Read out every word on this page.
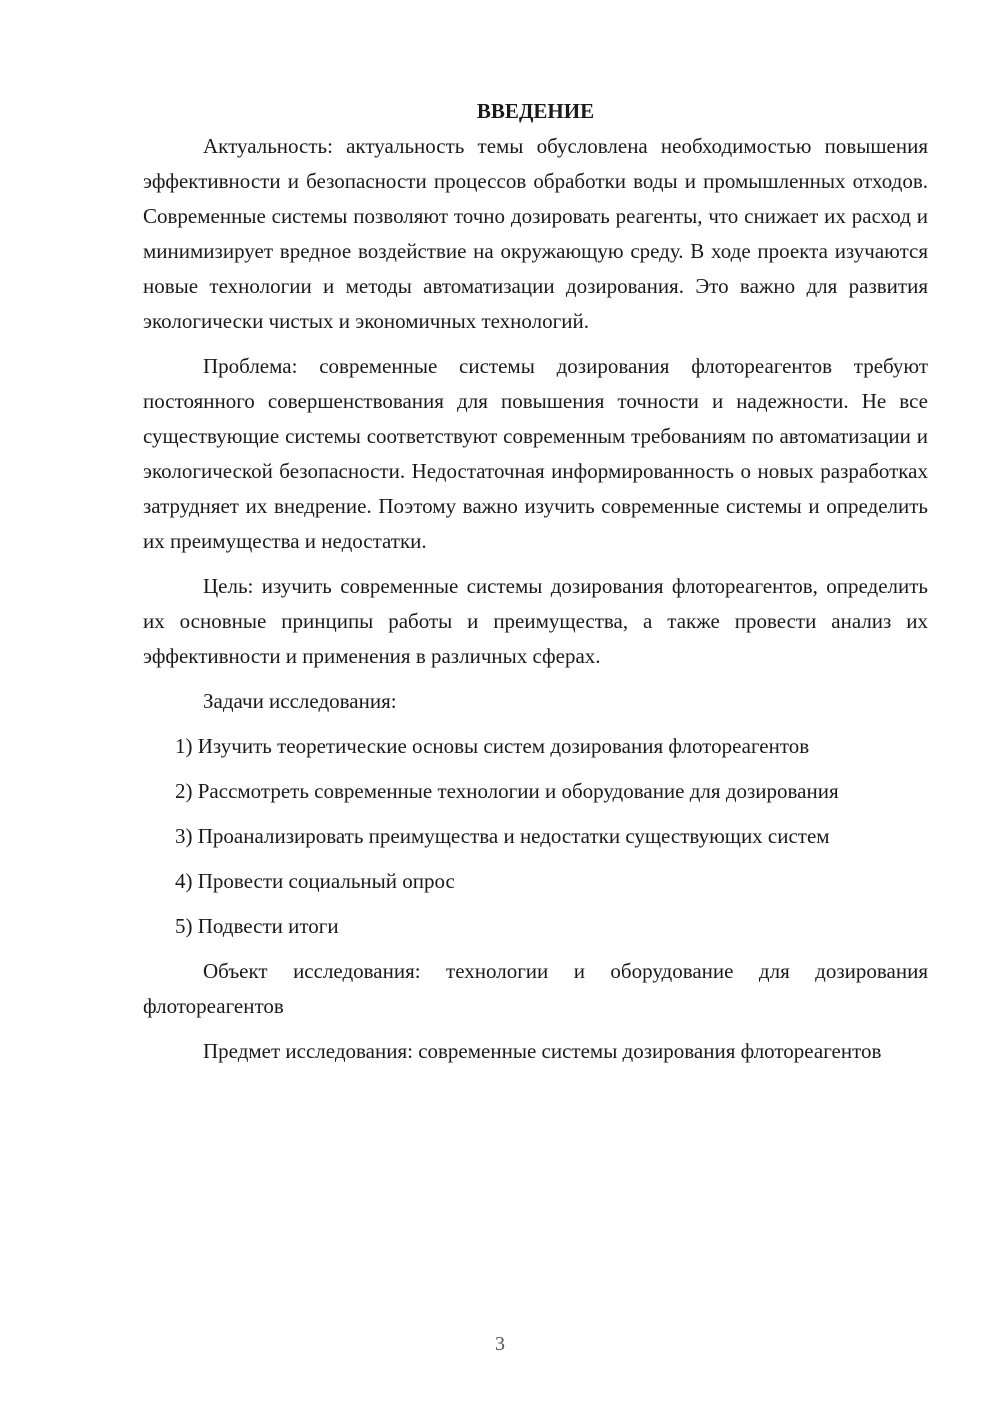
ВВЕДЕНИЕ

Актуальность: актуальность темы обусловлена необходимостью повышения эффективности и безопасности процессов обработки воды и промышленных отходов. Современные системы позволяют точно дозировать реагенты, что снижает их расход и минимизирует вредное воздействие на окружающую среду. В ходе проекта изучаются новые технологии и методы автоматизации дозирования. Это важно для развития экологически чистых и экономичных технологий.

Проблема: современные системы дозирования флотореагентов требуют постоянного совершенствования для повышения точности и надежности. Не все существующие системы соответствуют современным требованиям по автоматизации и экологической безопасности. Недостаточная информированность о новых разработках затрудняет их внедрение. Поэтому важно изучить современные системы и определить их преимущества и недостатки.

Цель: изучить современные системы дозирования флотореагентов, определить их основные принципы работы и преимущества, а также провести анализ их эффективности и применения в различных сферах.

Задачи исследования:

1) Изучить теоретические основы систем дозирования флотореагентов

2) Рассмотреть современные технологии и оборудование для дозирования

3) Проанализировать преимущества и недостатки существующих систем

4) Провести социальный опрос

5) Подвести итоги

Объект исследования: технологии и оборудование для дозирования флотореагентов

Предмет исследования: современные системы дозирования флотореагентов

3
